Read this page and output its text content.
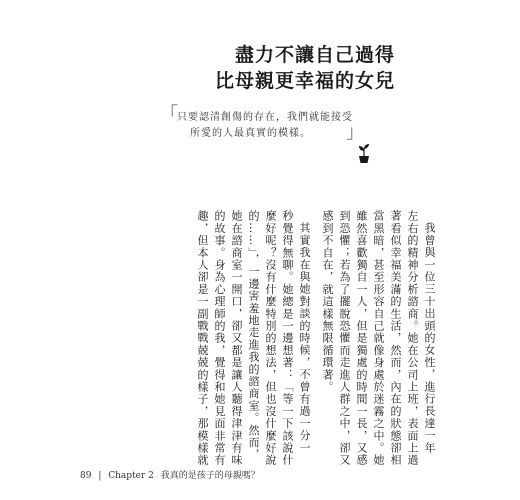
盡力不讓自己過得
比母親更幸福的女兒
「 只要認清創傷的存在，我們就能接受
所愛的人最真實的模樣。 」
我曾與一位三十出頭的女性，進行長達一年
左右的精神分析諮商。她在公司上班，表面上過
著看似幸福美滿的生活，然而，內在的狀態卻相
當黑暗，甚至形容自己就像身處於迷霧之中。她
雖然喜歡獨自一人，但是獨處的時間一長，又感
到恐懼；若為了擺脫恐懼而走進人群之中，卻又
感到不自在，就這樣無限循環著。
其實我在與她對談的時候，不曾有過一分一
秒覺得無聊。她總是一邊想著：「等一下該說什
麼好呢？沒有什麼特別的想法，但也沒什麼好說
的……」，一邊害羞地走進我的諮商室。然而，
她在諮商室一開口，卻又都是讓人聽得津津有味
的故事。身為心理師的我，覺得和她見面非常有
趣，但本人卻是一副戰戰兢兢的樣子，那模樣就
89 | Chapter 2 我真的是孩子的母親嗎？
